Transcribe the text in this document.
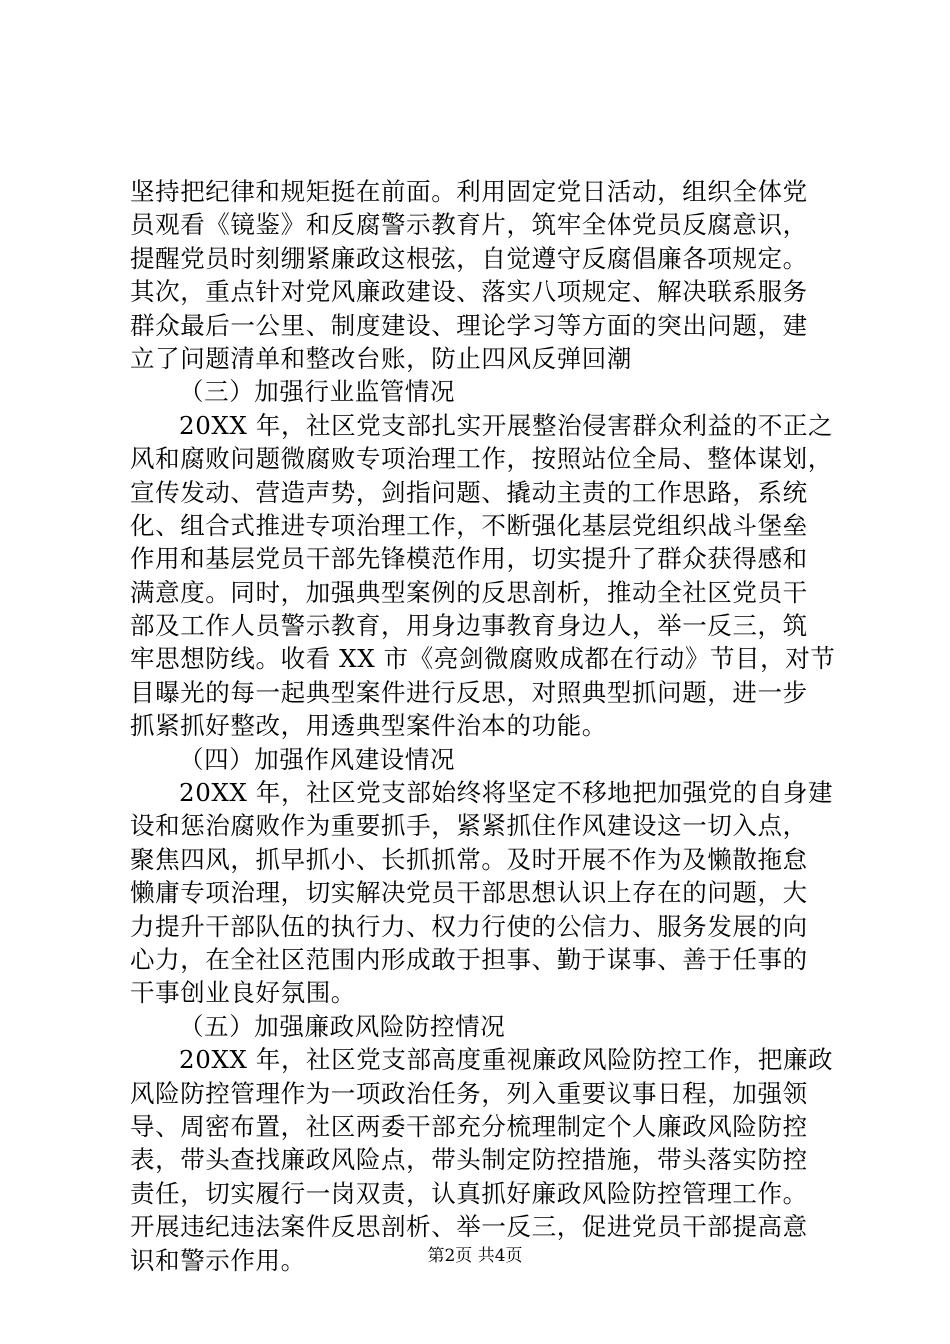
坚持把纪律和规矩挺在前面。利用固定党日活动，组织全体党
员观看《镜鉴》和反腐警示教育片，筑牢全体党员反腐意识，
提醒党员时刻绷紧廉政这根弦，自觉遵守反腐倡廉各项规定。
其次，重点针对党风廉政建设、落实八项规定、解决联系服务
群众最后一公里、制度建设、理论学习等方面的突出问题，建
立了问题清单和整改台账，防止四风反弹回潮
（三）加强行业监管情况
20XX 年，社区党支部扎实开展整治侵害群众利益的不正之
风和腐败问题微腐败专项治理工作，按照站位全局、整体谋划，
宣传发动、营造声势，剑指问题、撬动主责的工作思路，系统
化、组合式推进专项治理工作，不断强化基层党组织战斗堡垒
作用和基层党员干部先锋模范作用，切实提升了群众获得感和
满意度。同时，加强典型案例的反思剖析，推动全社区党员干
部及工作人员警示教育，用身边事教育身边人，举一反三，筑
牢思想防线。收看 XX 市《亮剑微腐败成都在行动》节目，对节
目曝光的每一起典型案件进行反思，对照典型抓问题，进一步
抓紧抓好整改，用透典型案件治本的功能。
（四）加强作风建设情况
20XX 年，社区党支部始终将坚定不移地把加强党的自身建
设和惩治腐败作为重要抓手，紧紧抓住作风建设这一切入点，
聚焦四风，抓早抓小、长抓抓常。及时开展不作为及懒散拖怠
懒庸专项治理，切实解决党员干部思想认识上存在的问题，大
力提升干部队伍的执行力、权力行使的公信力、服务发展的向
心力，在全社区范围内形成敢于担事、勤于谋事、善于任事的
干事创业良好氛围。
（五）加强廉政风险防控情况
20XX 年，社区党支部高度重视廉政风险防控工作，把廉政
风险防控管理作为一项政治任务，列入重要议事日程，加强领
导、周密布置，社区两委干部充分梳理制定个人廉政风险防控
表，带头查找廉政风险点，带头制定防控措施，带头落实防控
责任，切实履行一岗双责，认真抓好廉政风险防控管理工作。
开展违纪违法案件反思剖析、举一反三，促进党员干部提高意
识和警示作用。	第2页 共4页
